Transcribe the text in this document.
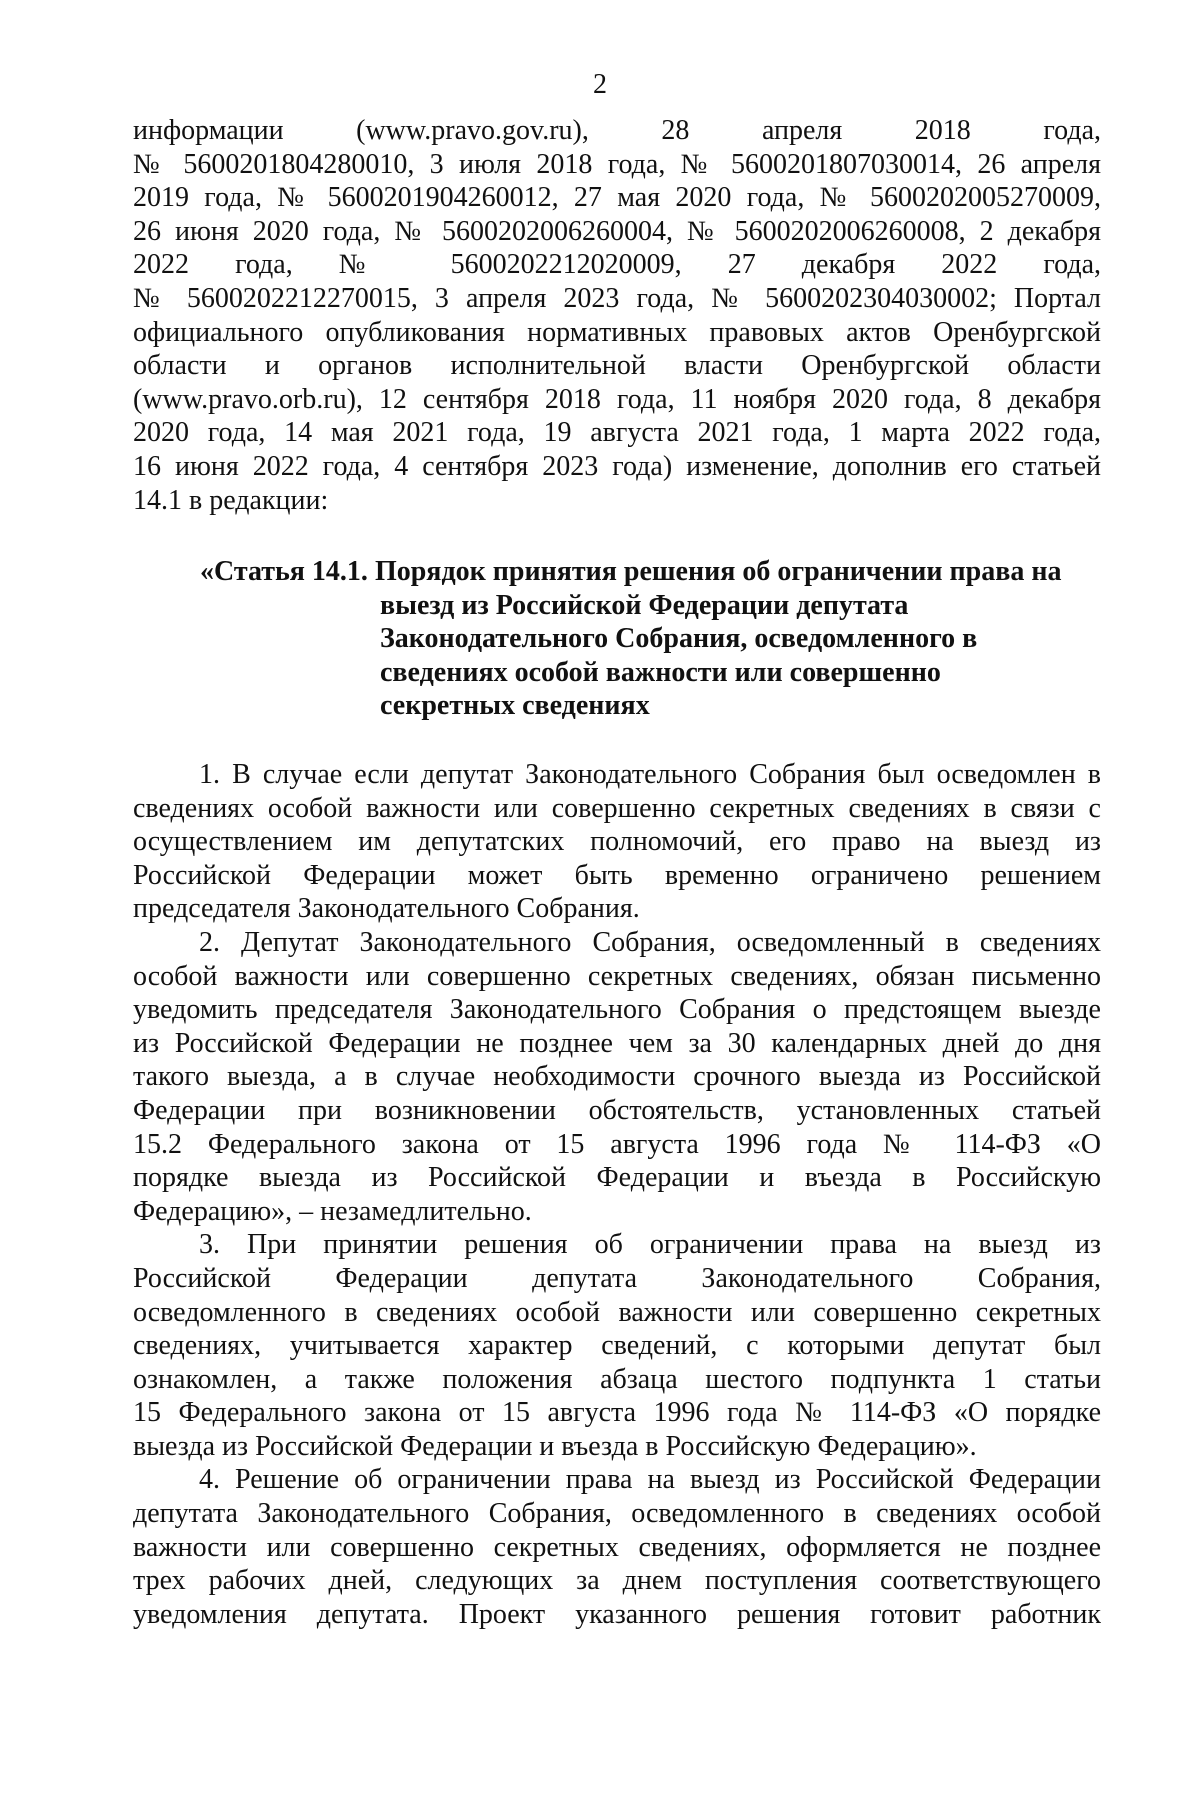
2
информации (www.pravo.gov.ru), 28 апреля 2018 года,
№ 5600201804280010, 3 июля 2018 года, № 5600201807030014, 26 апреля
2019 года, № 5600201904260012, 27 мая 2020 года, № 5600202005270009,
26 июня 2020 года, № 5600202006260004, № 5600202006260008, 2 декабря
2022 года, № 5600202212020009, 27 декабря 2022 года,
№ 5600202212270015, 3 апреля 2023 года, № 5600202304030002; Портал
официального опубликования нормативных правовых актов Оренбургской
области и органов исполнительной власти Оренбургской области
(www.pravo.orb.ru), 12 сентября 2018 года, 11 ноября 2020 года, 8 декабря
2020 года, 14 мая 2021 года, 19 августа 2021 года, 1 марта 2022 года,
16 июня 2022 года, 4 сентября 2023 года) изменение, дополнив его статьей
14.1 в редакции:
«Статья 14.1. Порядок принятия решения об ограничении права на
выезд из Российской Федерации депутата
Законодательного Собрания, осведомленного в
сведениях особой важности или совершенно
секретных сведениях
1. В случае если депутат Законодательного Собрания был осведомлен в
сведениях особой важности или совершенно секретных сведениях в связи с
осуществлением им депутатских полномочий, его право на выезд из
Российской Федерации может быть временно ограничено решением
председателя Законодательного Собрания.
2. Депутат Законодательного Собрания, осведомленный в сведениях
особой важности или совершенно секретных сведениях, обязан письменно
уведомить председателя Законодательного Собрания о предстоящем выезде
из Российской Федерации не позднее чем за 30 календарных дней до дня
такого выезда, а в случае необходимости срочного выезда из Российской
Федерации при возникновении обстоятельств, установленных статьей
15.2 Федерального закона от 15 августа 1996 года № 114-ФЗ «О
порядке выезда из Российской Федерации и въезда в Российскую
Федерацию», – незамедлительно.
3. При принятии решения об ограничении права на выезд из
Российской Федерации депутата Законодательного Собрания,
осведомленного в сведениях особой важности или совершенно секретных
сведениях, учитывается характер сведений, с которыми депутат был
ознакомлен, а также положения абзаца шестого подпункта 1 статьи
15 Федерального закона от 15 августа 1996 года № 114-ФЗ «О порядке
выезда из Российской Федерации и въезда в Российскую Федерацию».
4. Решение об ограничении права на выезд из Российской Федерации
депутата Законодательного Собрания, осведомленного в сведениях особой
важности или совершенно секретных сведениях, оформляется не позднее
трех рабочих дней, следующих за днем поступления соответствующего
уведомления депутата. Проект указанного решения готовит работник
